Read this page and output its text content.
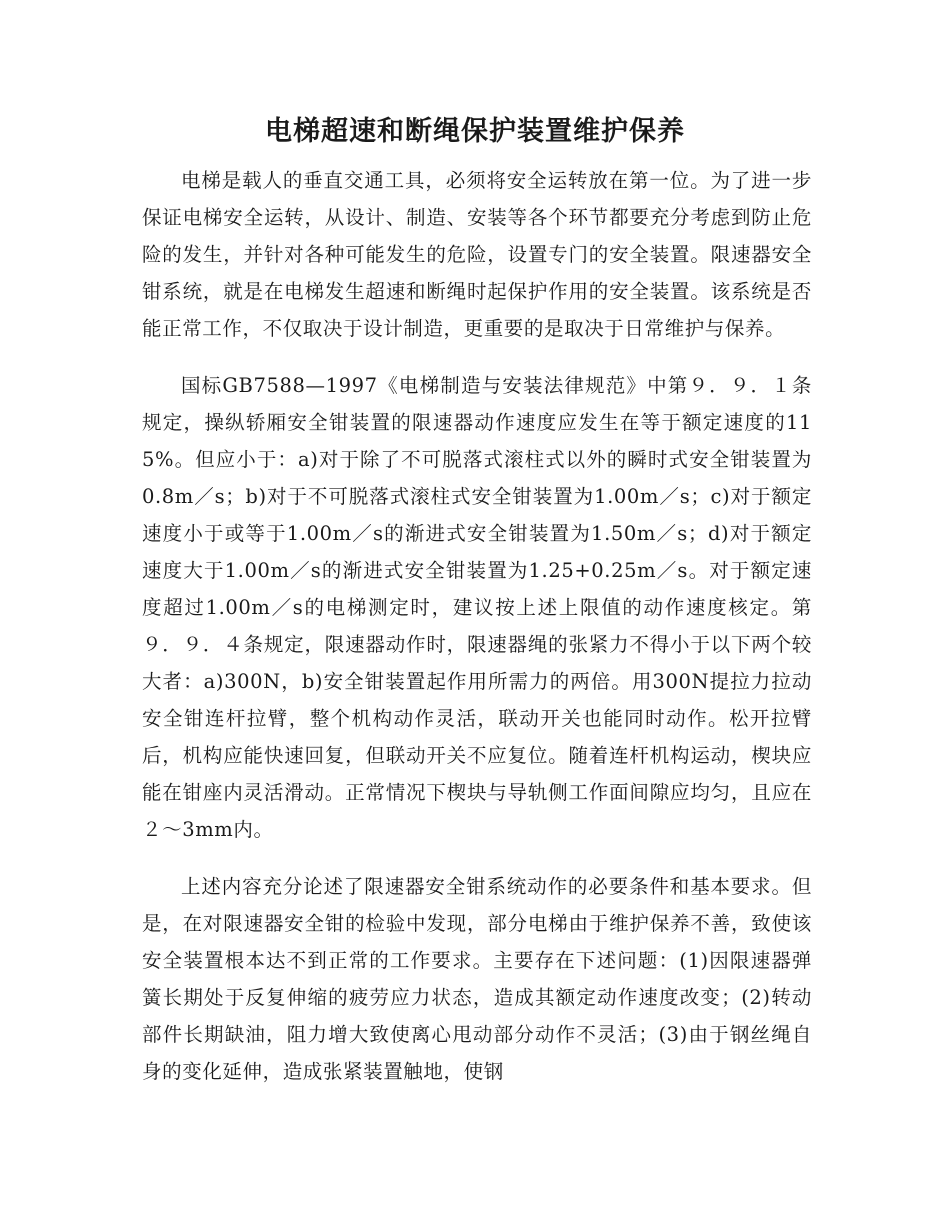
电梯超速和断绳保护装置维护保养

电梯是载人的垂直交通工具，必须将安全运转放在第一位。为了进一步保证电梯安全运转，从设计、制造、安装等各个环节都要充分考虑到防止危险的发生，并针对各种可能发生的危险，设置专门的安全装置。限速器安全钳系统，就是在电梯发生超速和断绳时起保护作用的安全装置。该系统是否能正常工作，不仅取决于设计制造，更重要的是取决于日常维护与保养。

国标GB7588—1997《电梯制造与安装法律规范》中第９．９．１条规定，操纵轿厢安全钳装置的限速器动作速度应发生在等于额定速度的115%。但应小于：a)对于除了不可脱落式滚柱式以外的瞬时式安全钳装置为0.8m／s；b)对于不可脱落式滚柱式安全钳装置为1.00m／s；c)对于额定速度小于或等于1.00m／s的渐进式安全钳装置为1.50m／s；d)对于额定速度大于1.00m／s的渐进式安全钳装置为1.25+0.25m／s。对于额定速度超过1.00m／s的电梯测定时，建议按上述上限值的动作速度核定。第９．９．４条规定，限速器动作时，限速器绳的张紧力不得小于以下两个较大者：a)300N，b)安全钳装置起作用所需力的两倍。用300N提拉力拉动安全钳连杆拉臂，整个机构动作灵活，联动开关也能同时动作。松开拉臂后，机构应能快速回复，但联动开关不应复位。随着连杆机构运动，楔块应能在钳座内灵活滑动。正常情况下楔块与导轨侧工作面间隙应均匀，且应在２～3mm内。

上述内容充分论述了限速器安全钳系统动作的必要条件和基本要求。但是，在对限速器安全钳的检验中发现，部分电梯由于维护保养不善，致使该安全装置根本达不到正常的工作要求。主要存在下述问题：(1)因限速器弹簧长期处于反复伸缩的疲劳应力状态，造成其额定动作速度改变；(2)转动部件长期缺油，阻力增大致使离心甩动部分动作不灵活；(3)由于钢丝绳自身的变化延伸，造成张紧装置触地，使钢
